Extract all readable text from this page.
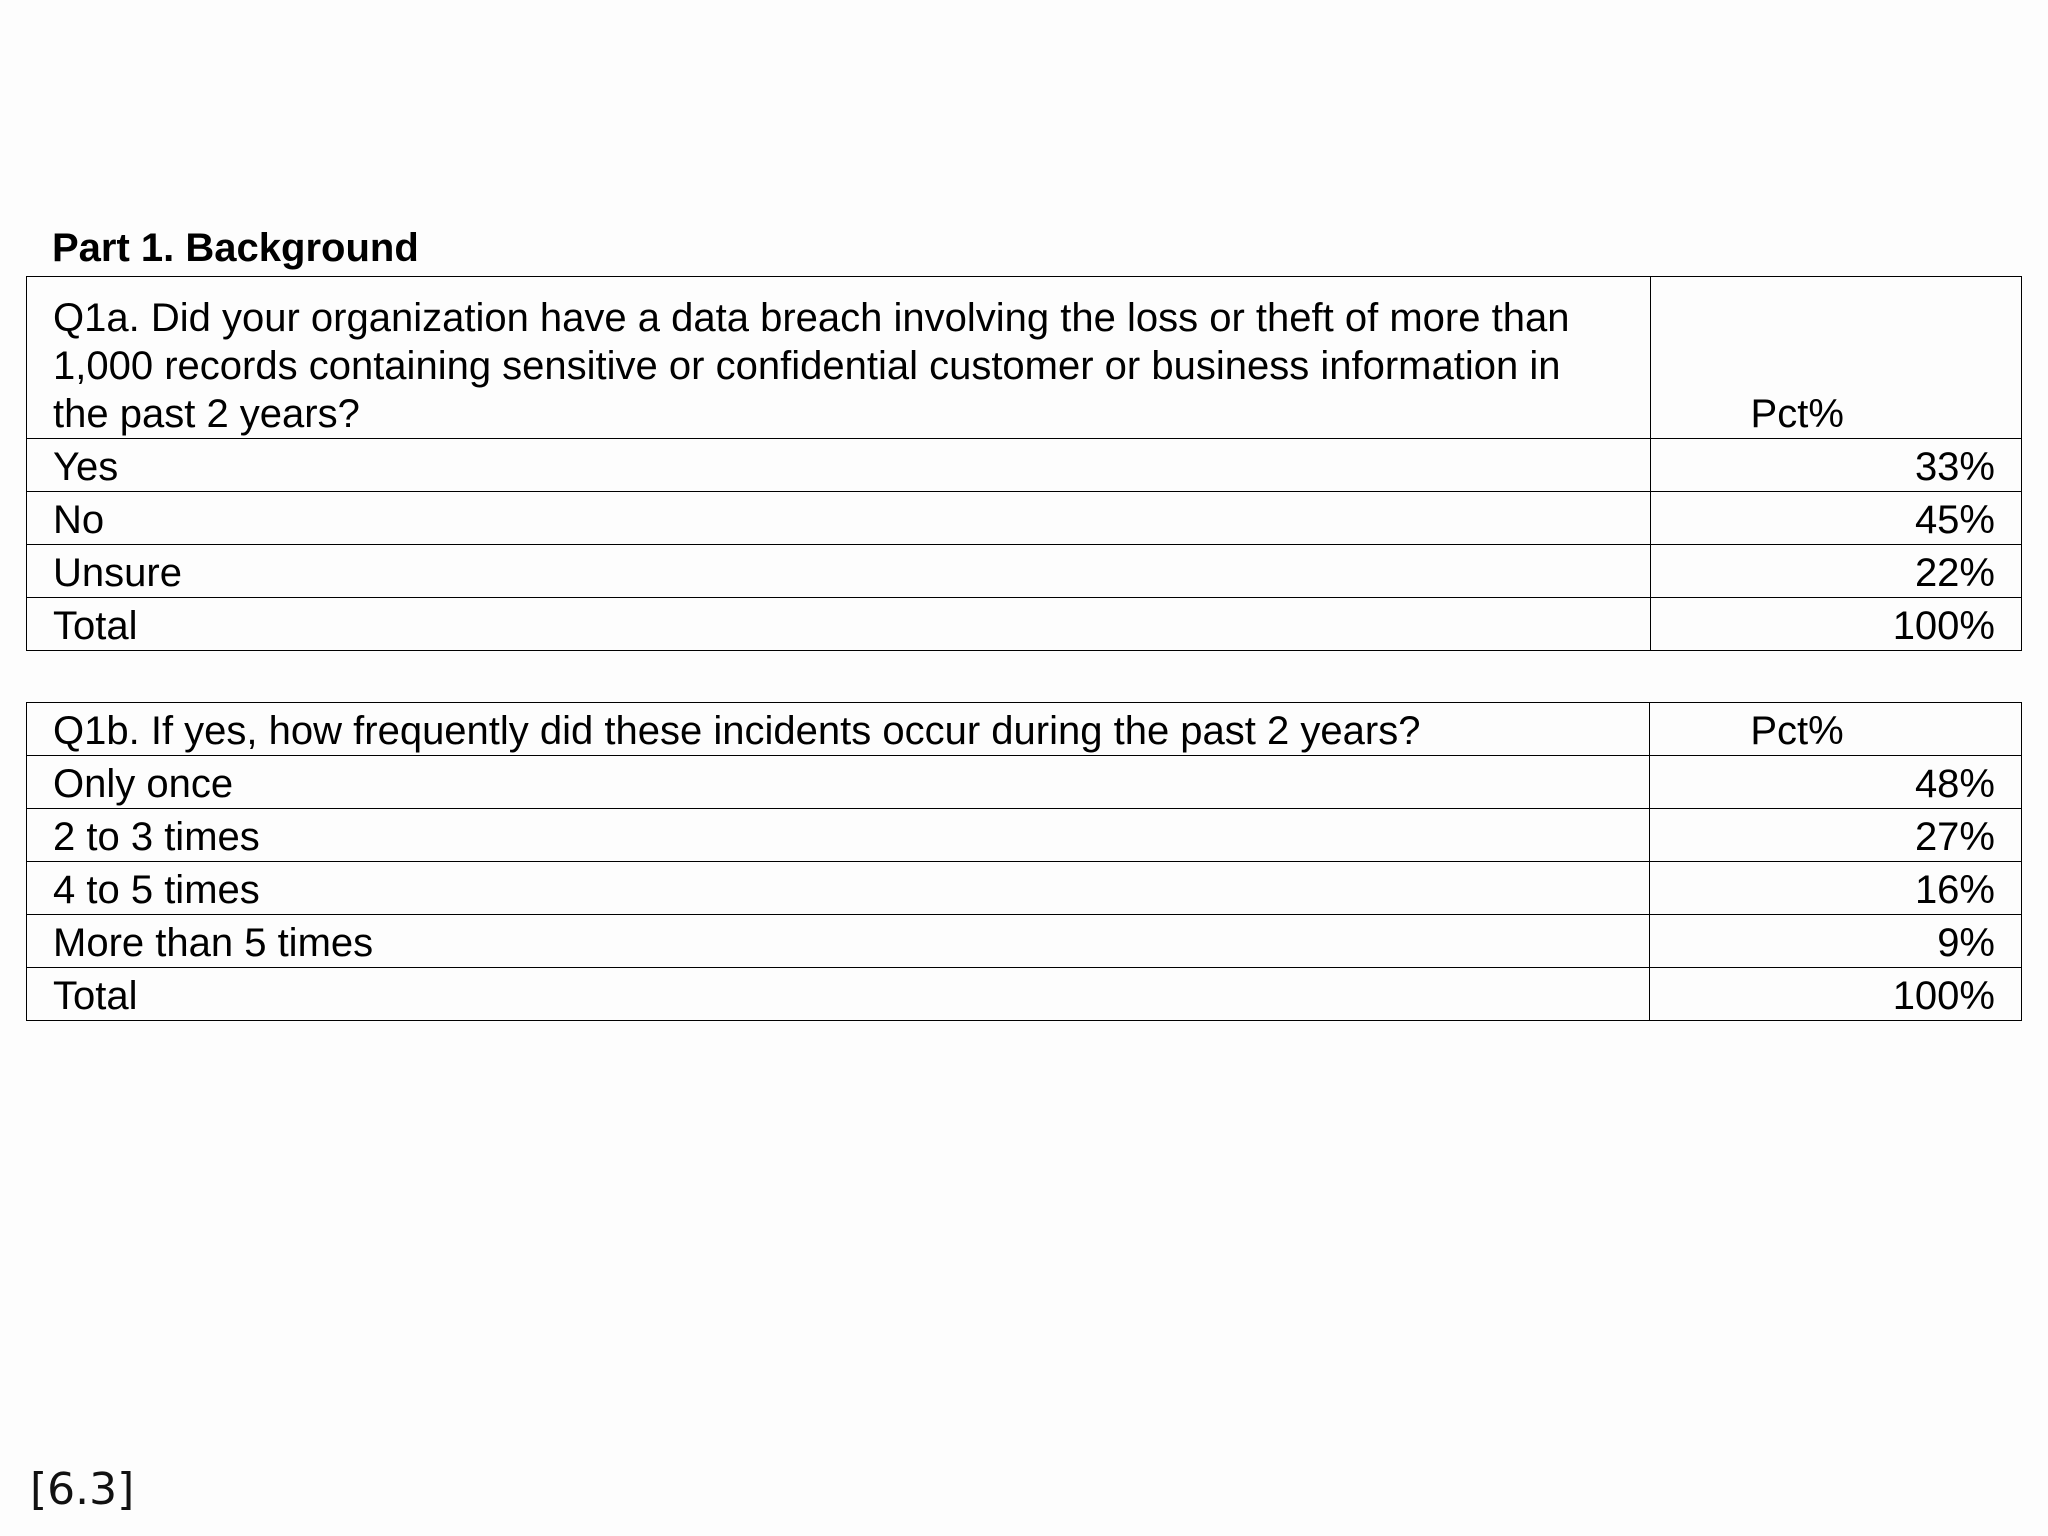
Part 1. Background
Q1a. Did your organization have a data breach involving the loss or theft of more than 1,000 records containing sensitive or confidential customer or business information in the past 2 years?	Pct%
Yes	33%
No	45%
Unsure	22%
Total	100%
Q1b. If yes, how frequently did these incidents occur during the past 2 years?	Pct%
Only once	48%
2 to 3 times	27%
4 to 5 times	16%
More than 5 times	9%
Total	100%

[6.3]
